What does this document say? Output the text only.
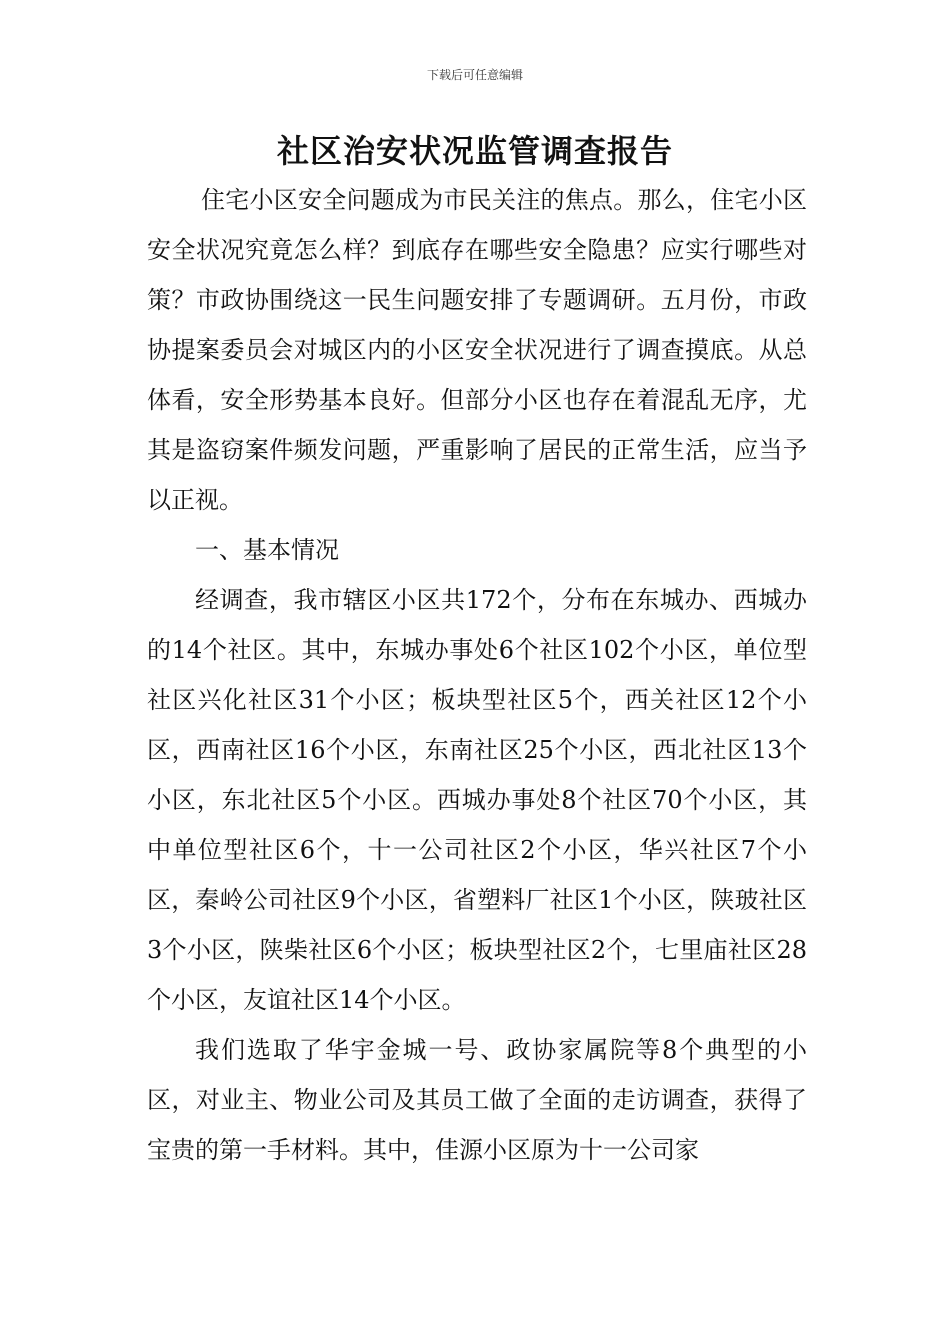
下载后可任意编辑
社区治安状况监管调查报告

住宅小区安全问题成为市民关注的焦点。那么，住宅小区安全状况究竟怎么样？到底存在哪些安全隐患？应实行哪些对策？市政协围绕这一民生问题安排了专题调研。五月份，市政协提案委员会对城区内的小区安全状况进行了调查摸底。从总体看，安全形势基本良好。但部分小区也存在着混乱无序，尤其是盗窃案件频发问题，严重影响了居民的正常生活，应当予以正视。

一、基本情况

经调查，我市辖区小区共172个，分布在东城办、西城办的14个社区。其中，东城办事处6个社区102个小区，单位型社区兴化社区31个小区；板块型社区5个，西关社区12个小区，西南社区16个小区，东南社区25个小区，西北社区13个小区，东北社区5个小区。西城办事处8个社区70个小区，其中单位型社区6个，十一公司社区2个小区，华兴社区7个小区，秦岭公司社区9个小区，省塑料厂社区1个小区，陕玻社区3个小区，陕柴社区6个小区；板块型社区2个，七里庙社区28个小区，友谊社区14个小区。

我们选取了华宇金城一号、政协家属院等8个典型的小区，对业主、物业公司及其员工做了全面的走访调查，获得了宝贵的第一手材料。其中，佳源小区原为十一公司家
